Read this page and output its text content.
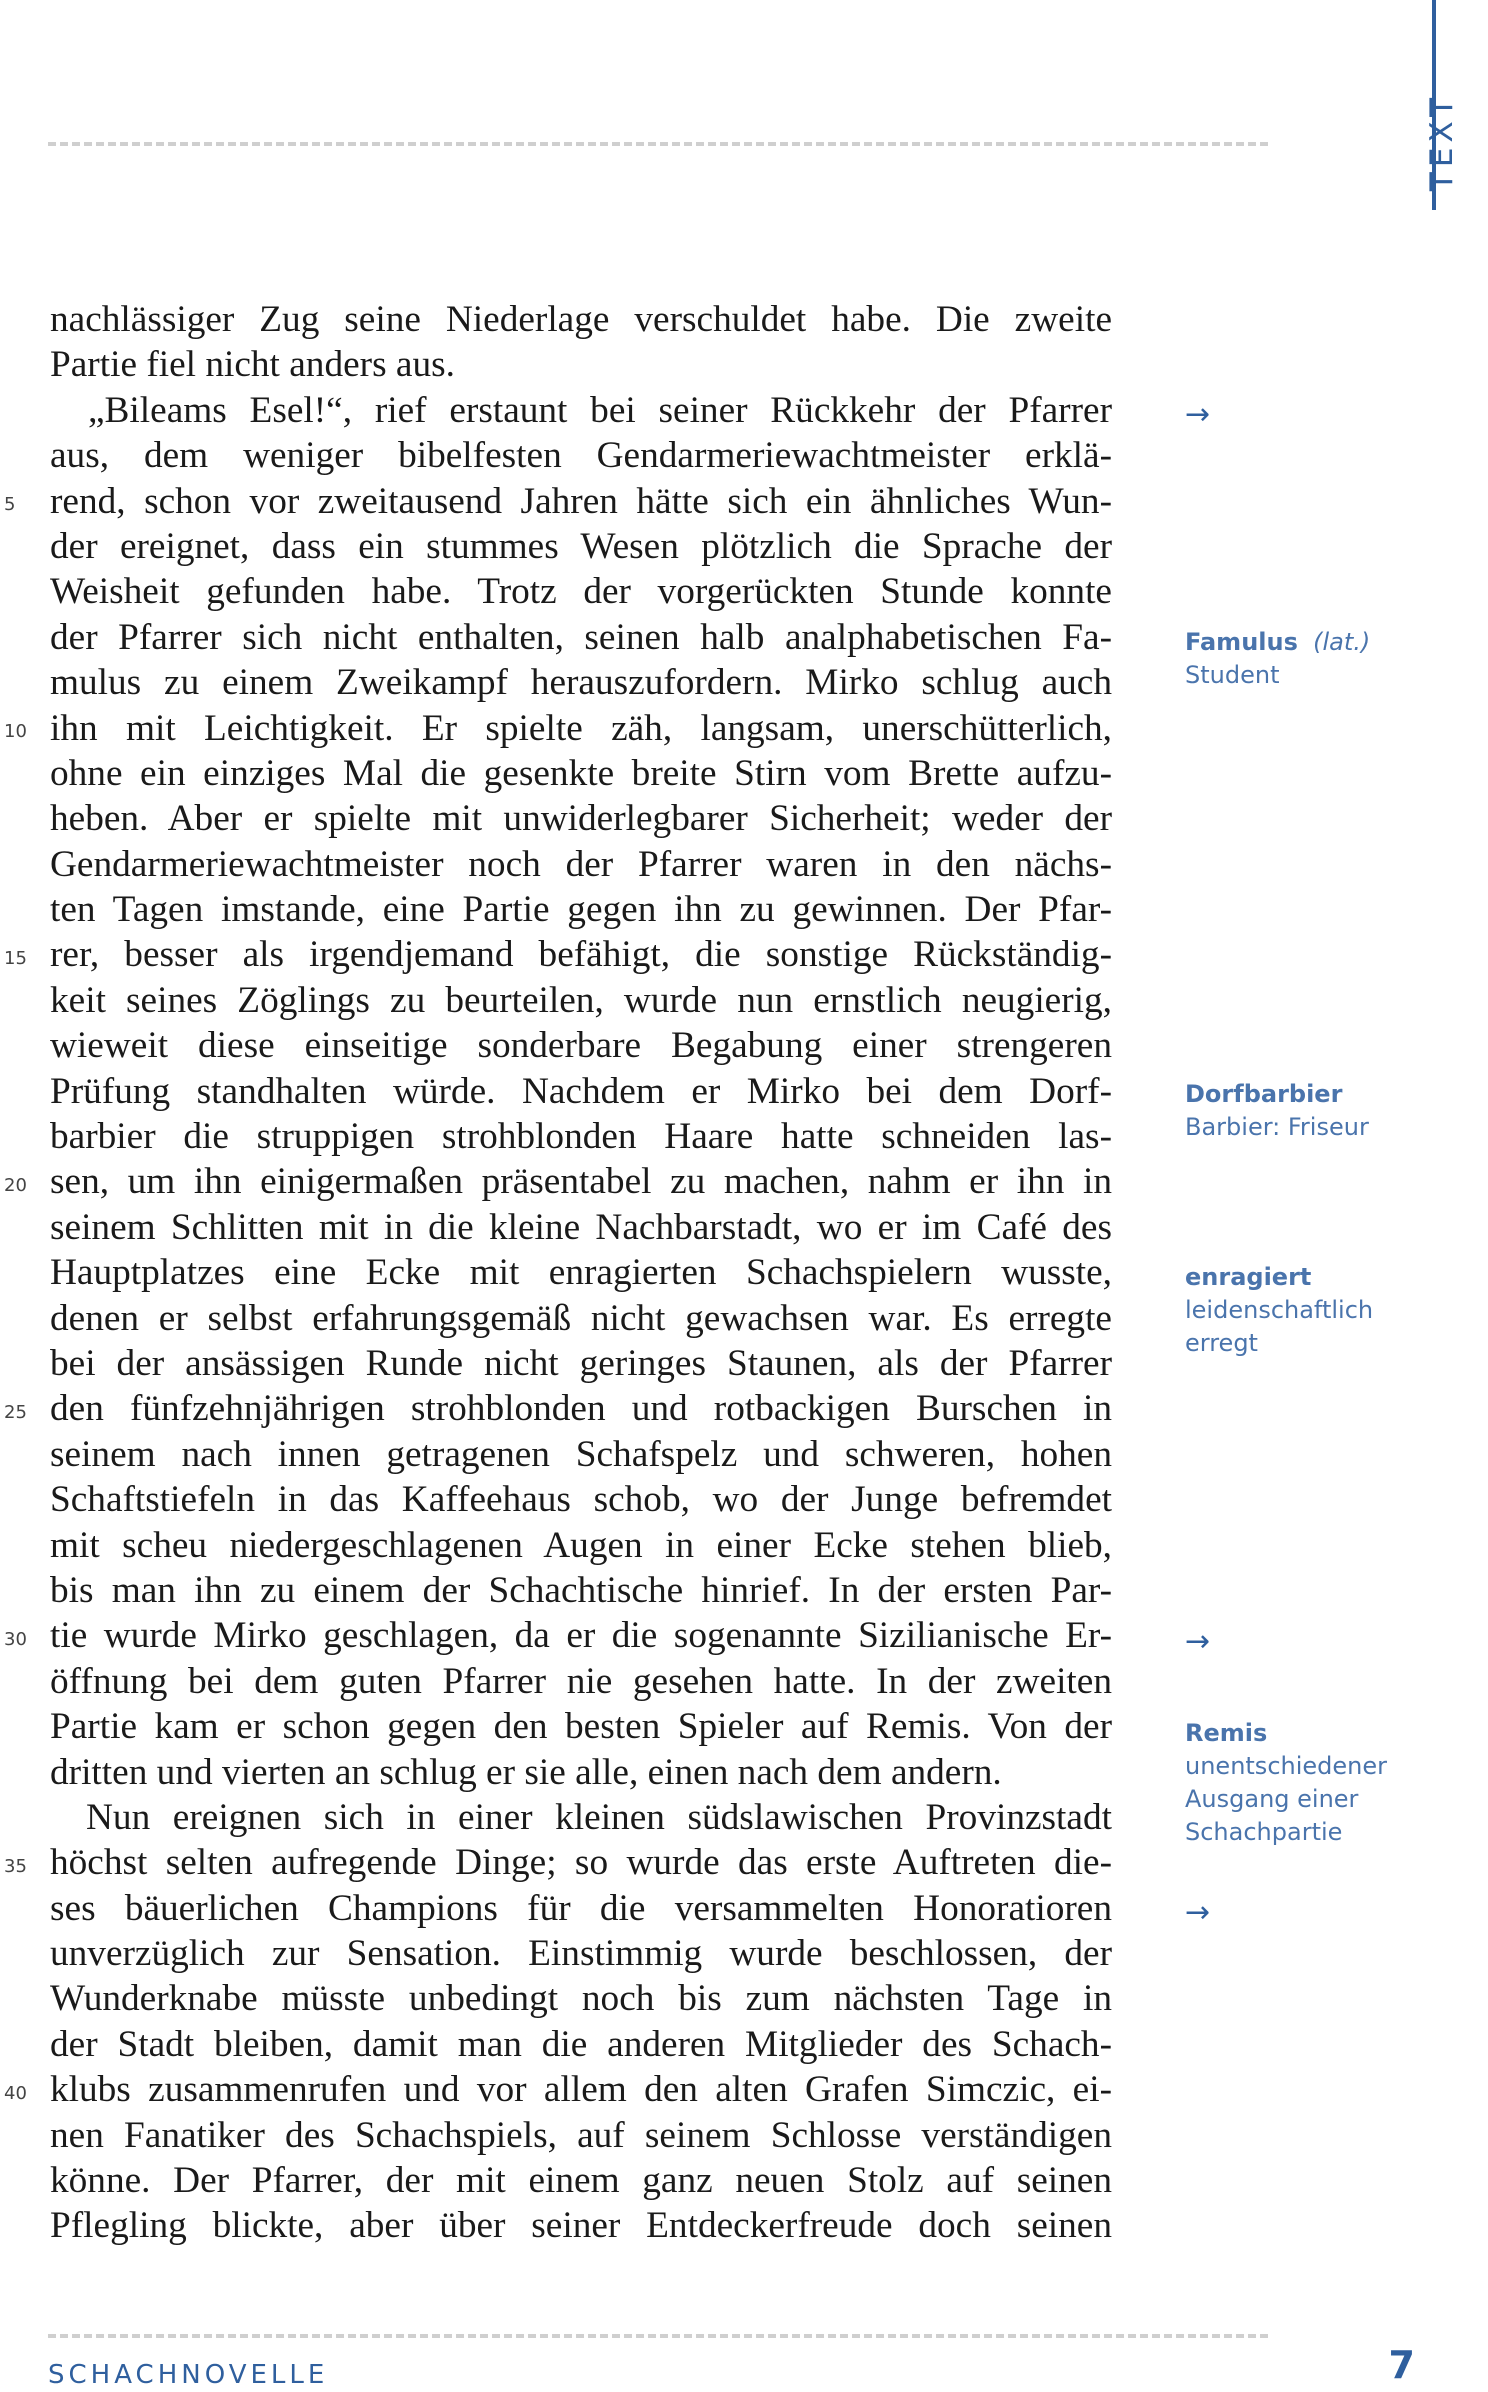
TEXT
nachlässiger Zug seine Niederlage verschuldet habe. Die zweite
Partie fiel nicht anders aus.
„Bileams Esel!“, rief erstaunt bei seiner Rückkehr der Pfarrer
aus, dem weniger bibelfesten Gendarmeriewachtmeister erklä-
rend, schon vor zweitausend Jahren hätte sich ein ähnliches Wun-
der ereignet, dass ein stummes Wesen plötzlich die Sprache der
Weisheit gefunden habe. Trotz der vorgerückten Stunde konnte
der Pfarrer sich nicht enthalten, seinen halb analphabetischen Fa-
mulus zu einem Zweikampf herauszufordern. Mirko schlug auch
ihn mit Leichtigkeit. Er spielte zäh, langsam, unerschütterlich,
ohne ein einziges Mal die gesenkte breite Stirn vom Brette aufzu-
heben. Aber er spielte mit unwiderlegbarer Sicherheit; weder der
Gendarmeriewachtmeister noch der Pfarrer waren in den nächs-
ten Tagen imstande, eine Partie gegen ihn zu gewinnen. Der Pfar-
rer, besser als irgendjemand befähigt, die sonstige Rückständig-
keit seines Zöglings zu beurteilen, wurde nun ernstlich neugierig,
wieweit diese einseitige sonderbare Begabung einer strengeren
Prüfung standhalten würde. Nachdem er Mirko bei dem Dorf-
barbier die struppigen strohblonden Haare hatte schneiden las-
sen, um ihn einigermaßen präsentabel zu machen, nahm er ihn in
seinem Schlitten mit in die kleine Nachbarstadt, wo er im Café des
Hauptplatzes eine Ecke mit enragierten Schachspielern wusste,
denen er selbst erfahrungsgemäß nicht gewachsen war. Es erregte
bei der ansässigen Runde nicht geringes Staunen, als der Pfarrer
den fünfzehnjährigen strohblonden und rotbackigen Burschen in
seinem nach innen getragenen Schafspelz und schweren, hohen
Schaftstiefeln in das Kaffeehaus schob, wo der Junge befremdet
mit scheu niedergeschlagenen Augen in einer Ecke stehen blieb,
bis man ihn zu einem der Schachtische hinrief. In der ersten Par-
tie wurde Mirko geschlagen, da er die sogenannte Sizilianische Er-
öffnung bei dem guten Pfarrer nie gesehen hatte. In der zweiten
Partie kam er schon gegen den besten Spieler auf Remis. Von der
dritten und vierten an schlug er sie alle, einen nach dem andern.
Nun ereignen sich in einer kleinen südslawischen Provinzstadt
höchst selten aufregende Dinge; so wurde das erste Auftreten die-
ses bäuerlichen Champions für die versammelten Honoratioren
unverzüglich zur Sensation. Einstimmig wurde beschlossen, der
Wunderknabe müsste unbedingt noch bis zum nächsten Tage in
der Stadt bleiben, damit man die anderen Mitglieder des Schach-
klubs zusammenrufen und vor allem den alten Grafen Simczic, ei-
nen Fanatiker des Schachspiels, auf seinem Schlosse verständigen
könne. Der Pfarrer, der mit einem ganz neuen Stolz auf seinen
Pflegling blickte, aber über seiner Entdeckerfreude doch seinen
5
10
15
20
25
30
35
40
→
→
→
Famulus (lat.)
Student
Dorfbarbier
Barbier: Friseur
enragiert
leidenschaftlich
erregt
Remis
unentschiedener
Ausgang einer
Schachpartie
SCHACHNOVELLE	7
